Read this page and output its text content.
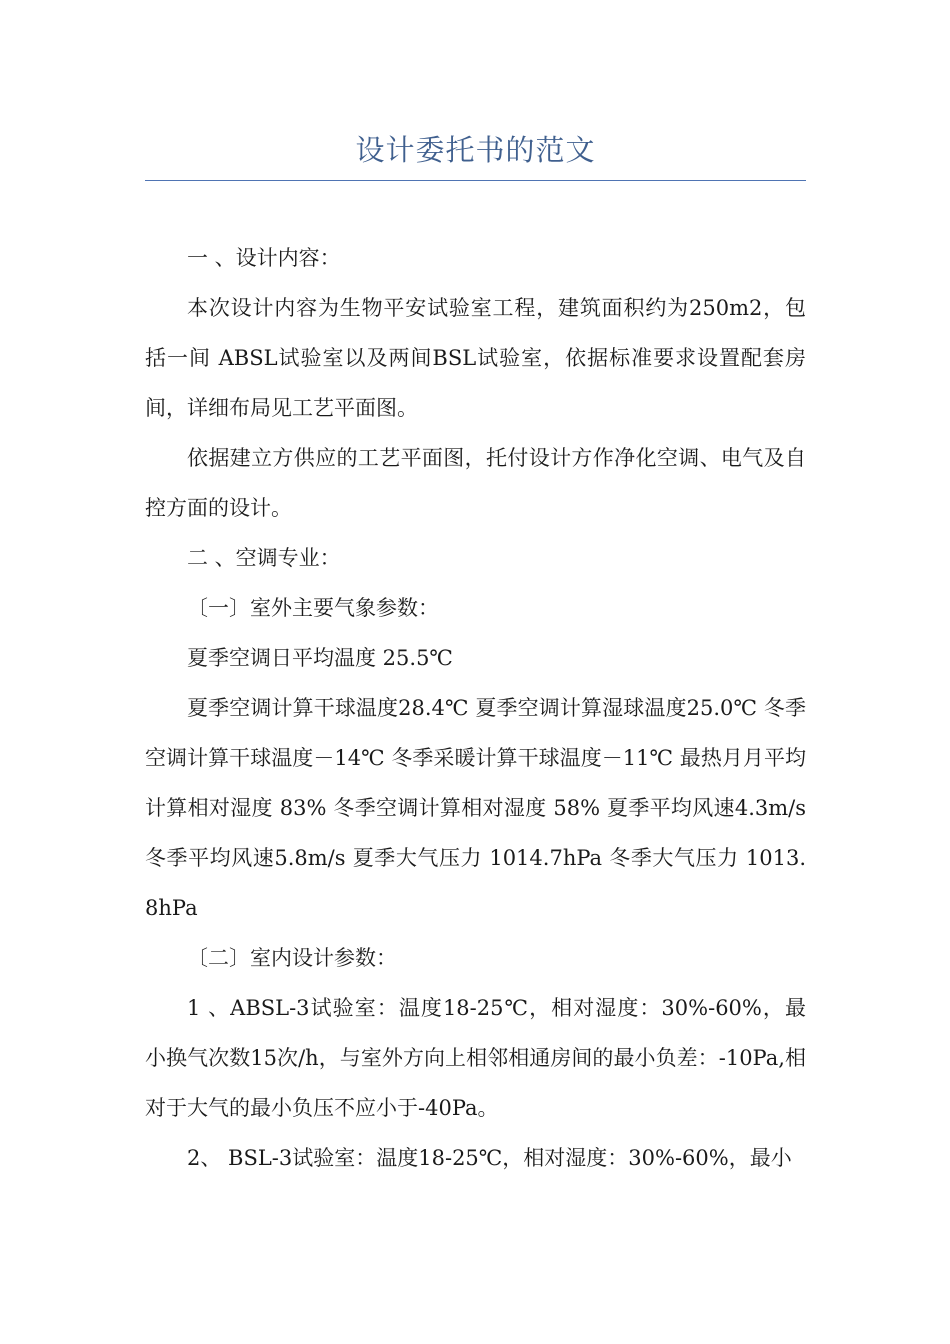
设计委托书的范文

一 、设计内容：

本次设计内容为生物平安试验室工程，建筑面积约为250m2，包括一间 ABSL试验室以及两间BSL试验室，依据标准要求设置配套房间，详细布局见工艺平面图。

依据建立方供应的工艺平面图，托付设计方作净化空调、电气及自控方面的设计。

二 、空调专业：

〔一〕室外主要气象参数：

夏季空调日平均温度 25.5℃

夏季空调计算干球温度28.4℃ 夏季空调计算湿球温度25.0℃ 冬季空调计算干球温度－14℃ 冬季采暖计算干球温度－11℃ 最热月月平均计算相对湿度 83% 冬季空调计算相对湿度 58% 夏季平均风速4.3m/s 冬季平均风速5.8m/s 夏季大气压力 1014.7hPa 冬季大气压力 1013.8hPa

〔二〕室内设计参数：

1 、ABSL-3试验室：温度18-25℃，相对湿度：30%-60%，最小换气次数15次/h，与室外方向上相邻相通房间的最小负差：-10Pa,相对于大气的最小负压不应小于-40Pa。

2、 BSL-3试验室：温度18-25℃，相对湿度：30%-60%，最小
